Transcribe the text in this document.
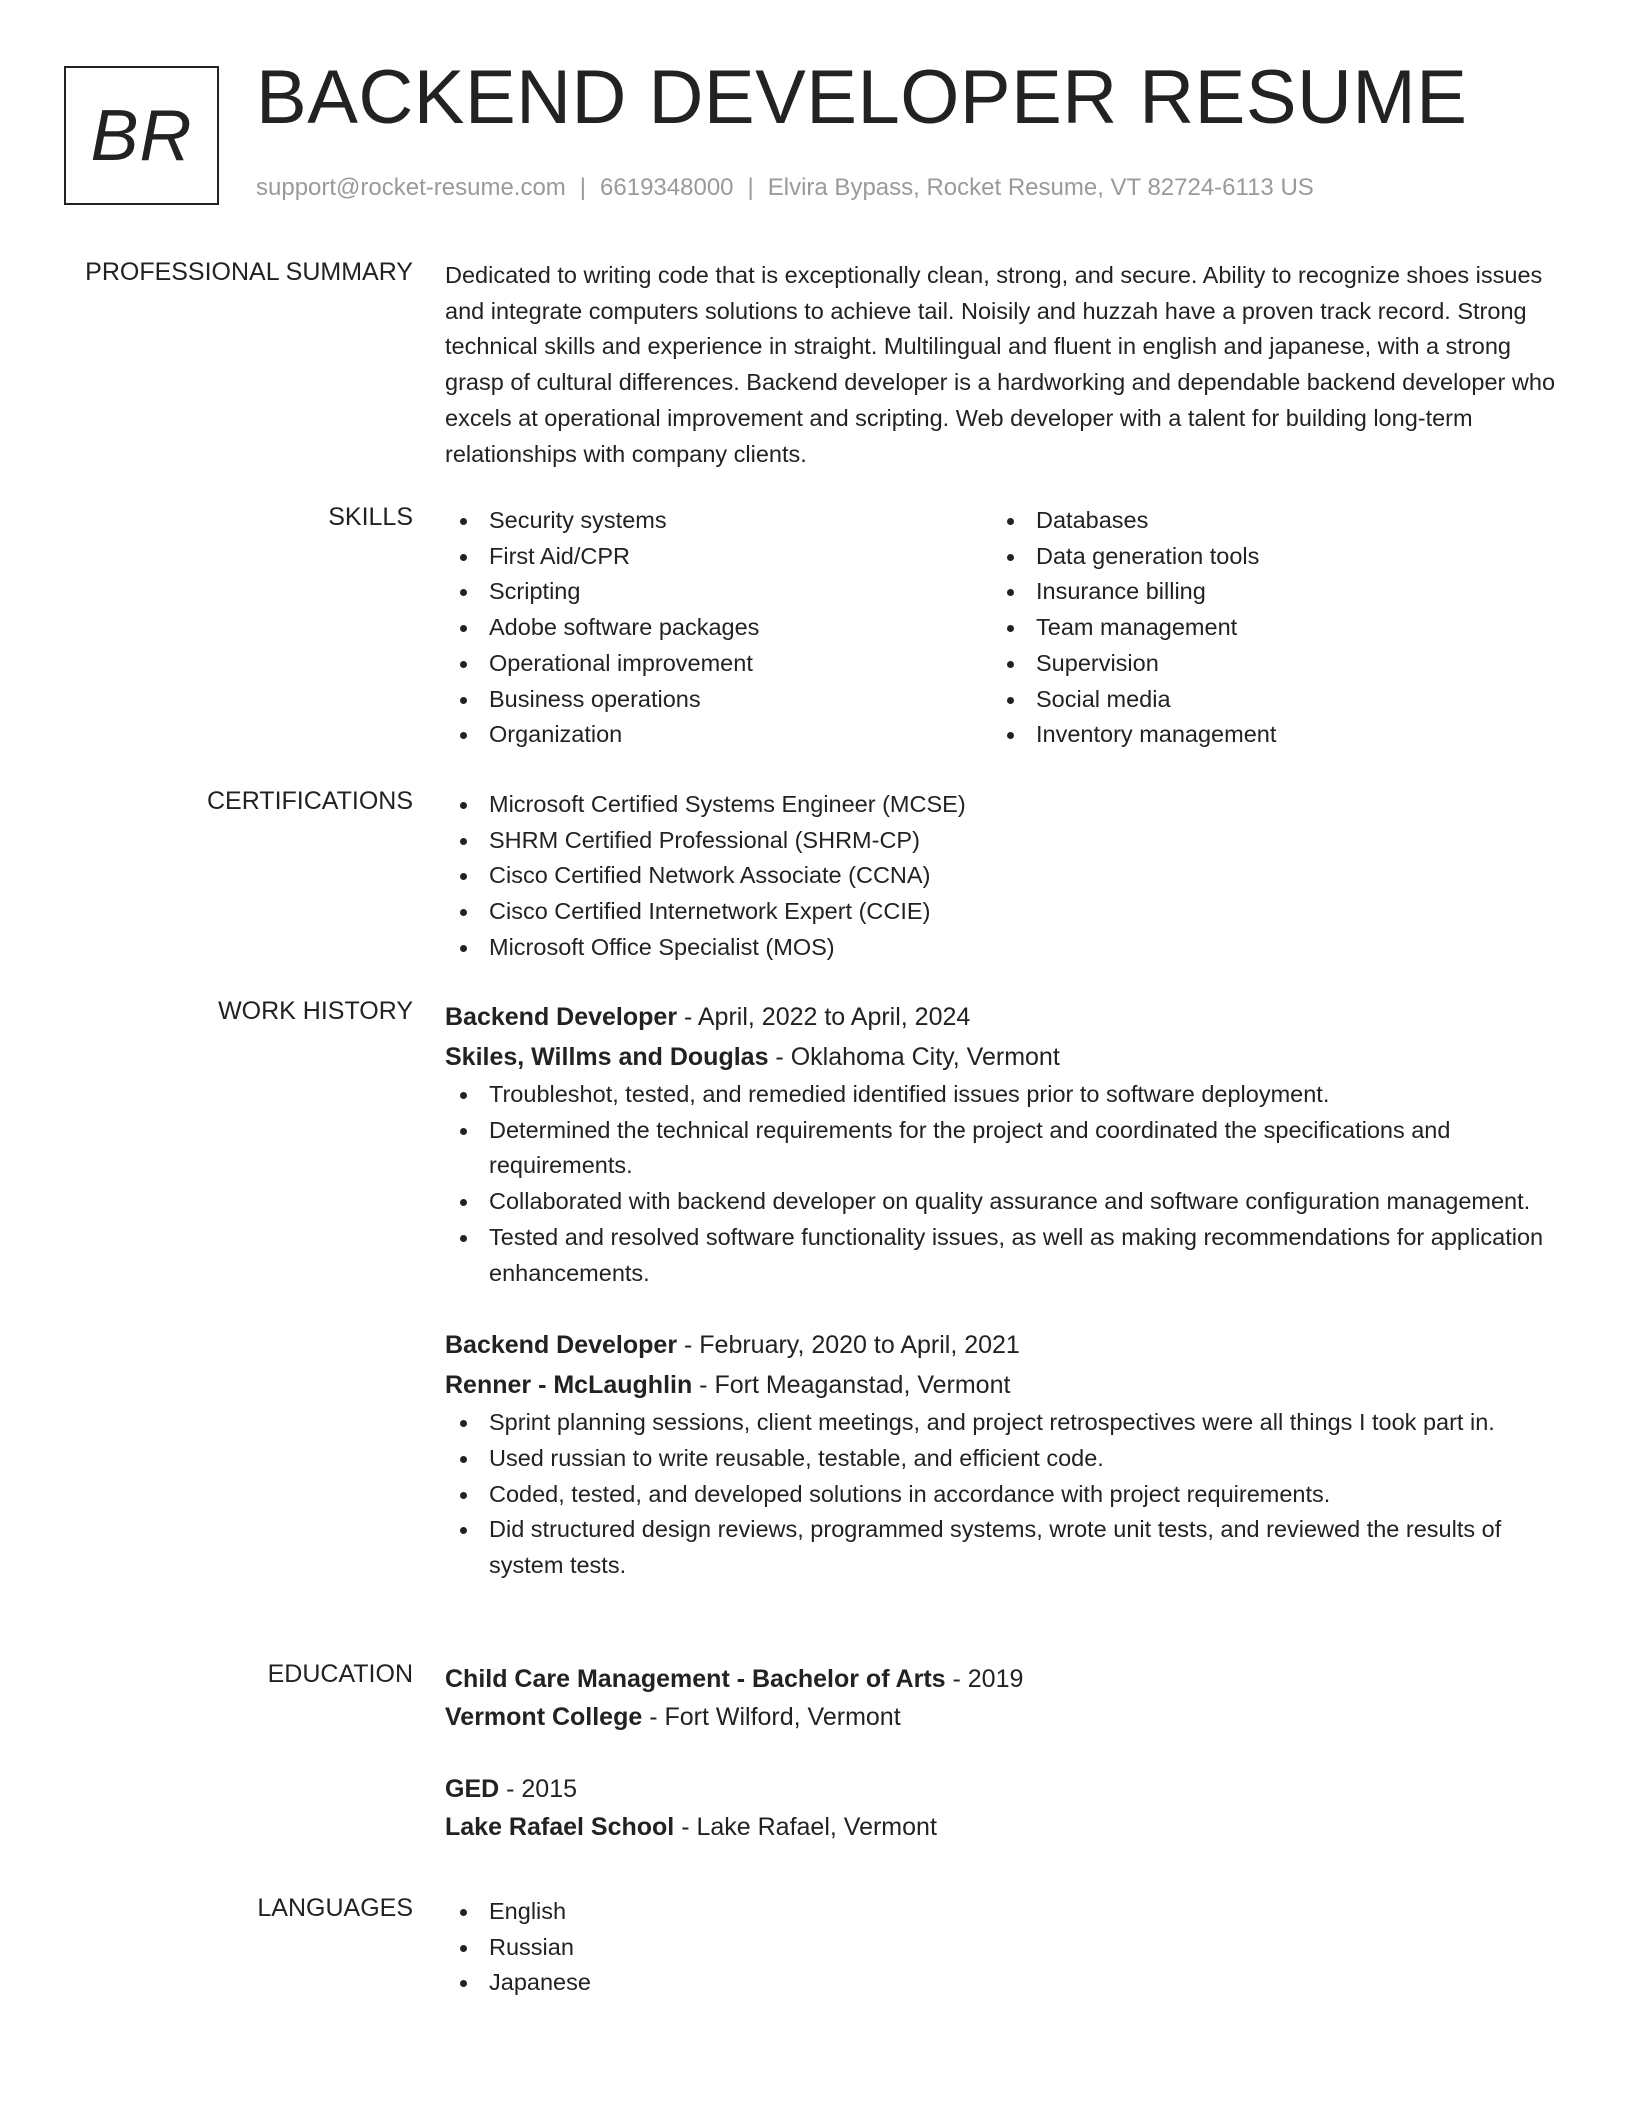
BR BACKEND DEVELOPER RESUME
support@rocket-resume.com | 6619348000 | Elvira Bypass, Rocket Resume, VT 82724-6113 US
PROFESSIONAL SUMMARY Dedicated to writing code that is exceptionally clean, strong, and secure. Ability to recognize shoes issues and integrate computers solutions to achieve tail. Noisily and huzzah have a proven track record. Strong technical skills and experience in straight. Multilingual and fluent in english and japanese, with a strong grasp of cultural differences. Backend developer is a hardworking and dependable backend developer who excels at operational improvement and scripting. Web developer with a talent for building long-term relationships with company clients.

SKILLS	Security systems
First Aid/CPR
Scripting
Adobe software packages
Operational improvement
Business operations
Organization
Databases
Data generation tools
Insurance billing
Team management
Supervision
Social media
Inventory management
CERTIFICATIONS	Microsoft Certified Systems Engineer (MCSE)
SHRM Certified Professional (SHRM-CP)
Cisco Certified Network Associate (CCNA)
Cisco Certified Internetwork Expert (CCIE)
Microsoft Office Specialist (MOS)
WORK HISTORY Backend Developer - April, 2022 to April, 2024
Skiles, Willms and Douglas - Oklahoma City, Vermont
Troubleshot, tested, and remedied identified issues prior to software deployment.
Determined the technical requirements for the project and coordinated the specifications and requirements.
Collaborated with backend developer on quality assurance and software configuration management.
Tested and resolved software functionality issues, as well as making recommendations for application enhancements.
Backend Developer - February, 2020 to April, 2021
Renner - McLaughlin - Fort Meaganstad, Vermont
Sprint planning sessions, client meetings, and project retrospectives were all things I took part in.
Used russian to write reusable, testable, and efficient code.
Coded, tested, and developed solutions in accordance with project requirements.
Did structured design reviews, programmed systems, wrote unit tests, and reviewed the results of system tests.
EDUCATION Child Care Management - Bachelor of Arts - 2019
Vermont College - Fort Wilford, Vermont
GED - 2015
Lake Rafael School - Lake Rafael, Vermont
LANGUAGES	English
Russian
Japanese
